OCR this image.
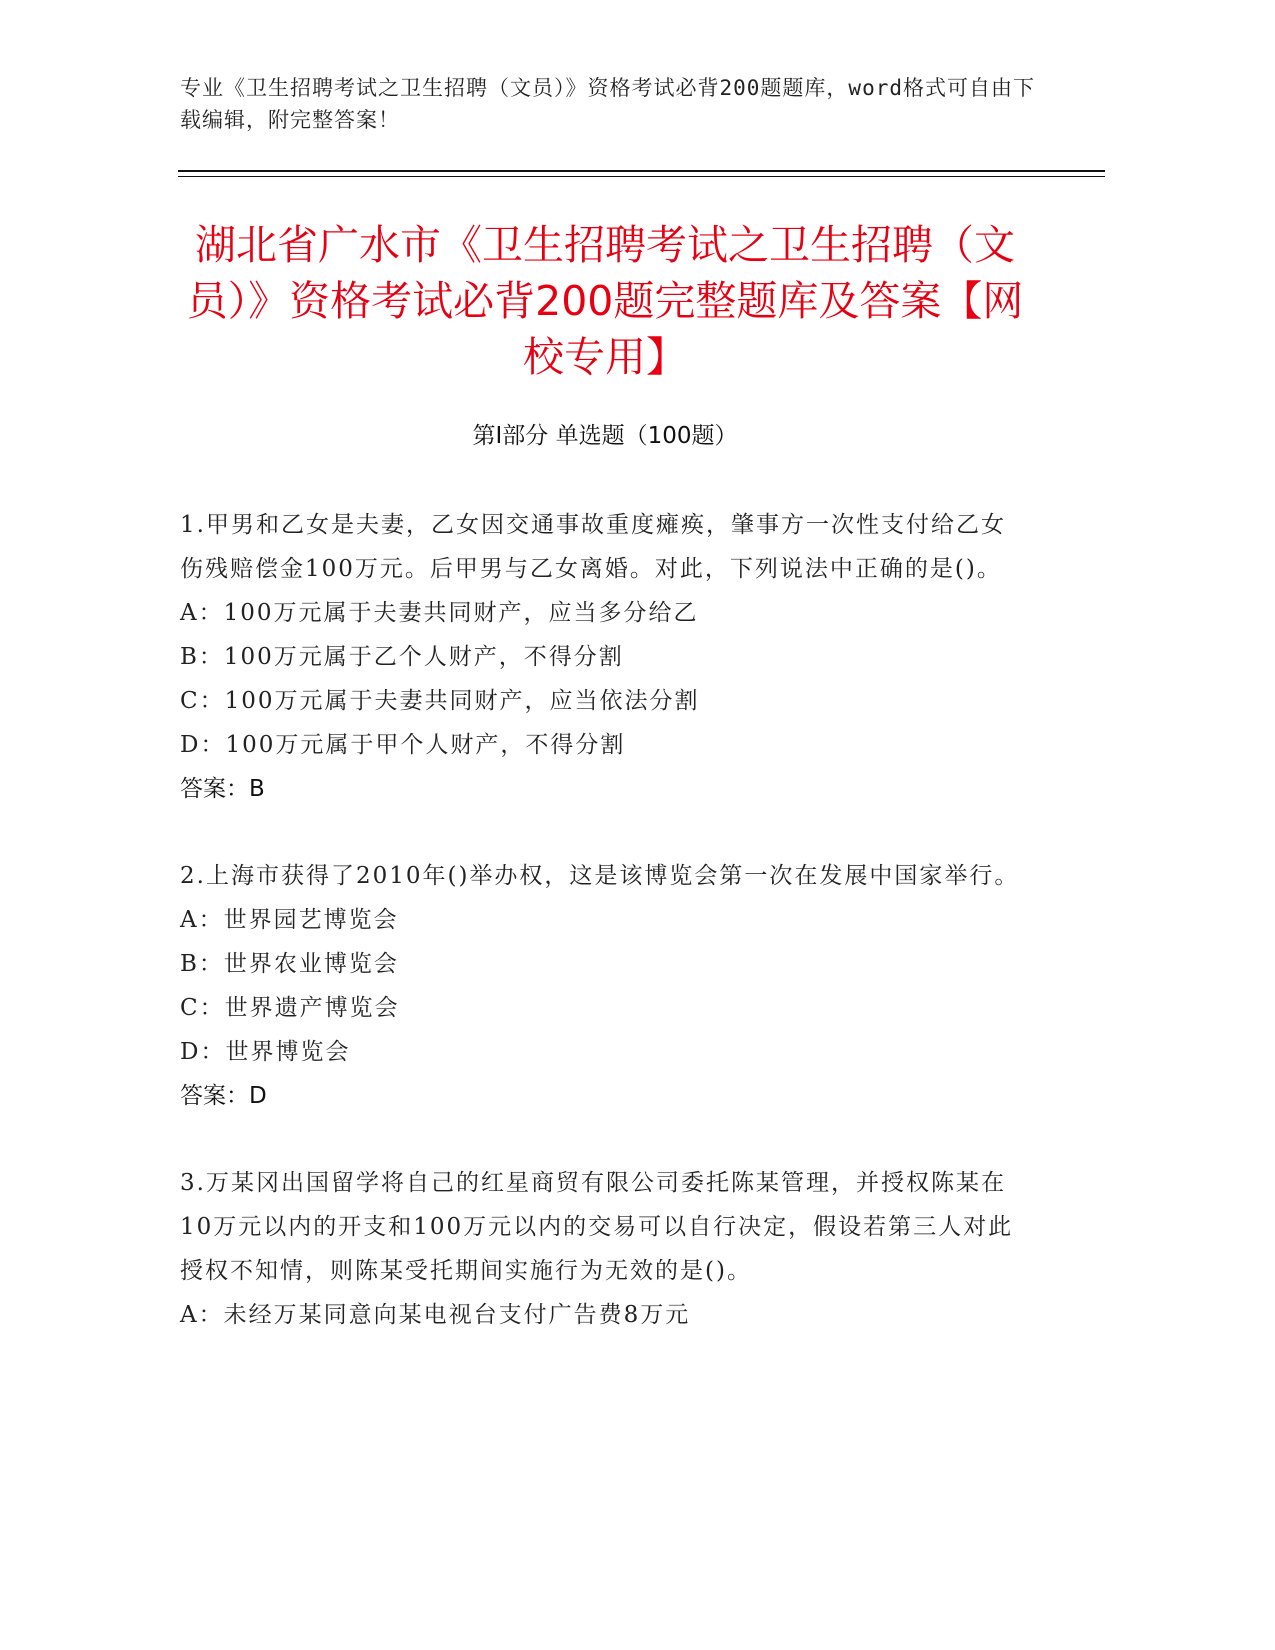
专业《卫生招聘考试之卫生招聘（文员）》资格考试必背200题题库，word格式可自由下载编辑，附完整答案！
湖北省广水市《卫生招聘考试之卫生招聘（文员）》资格考试必背200题完整题库及答案【网校专用】
第I部分 单选题（100题）

1.甲男和乙女是夫妻，乙女因交通事故重度瘫痪，肇事方一次性支付给乙女伤残赔偿金100万元。后甲男与乙女离婚。对此，下列说法中正确的是()。

A：100万元属于夫妻共同财产，应当多分给乙

B：100万元属于乙个人财产，不得分割

C：100万元属于夫妻共同财产，应当依法分割

D：100万元属于甲个人财产，不得分割

答案：B

2.上海市获得了2010年()举办权，这是该博览会第一次在发展中国家举行。

A：世界园艺博览会

B：世界农业博览会

C：世界遗产博览会

D：世界博览会

答案：D

3.万某冈出国留学将自己的红星商贸有限公司委托陈某管理，并授权陈某在10万元以内的开支和100万元以内的交易可以自行决定，假设若第三人对此授权不知情，则陈某受托期间实施行为无效的是()。

A：未经万某同意向某电视台支付广告费8万元
